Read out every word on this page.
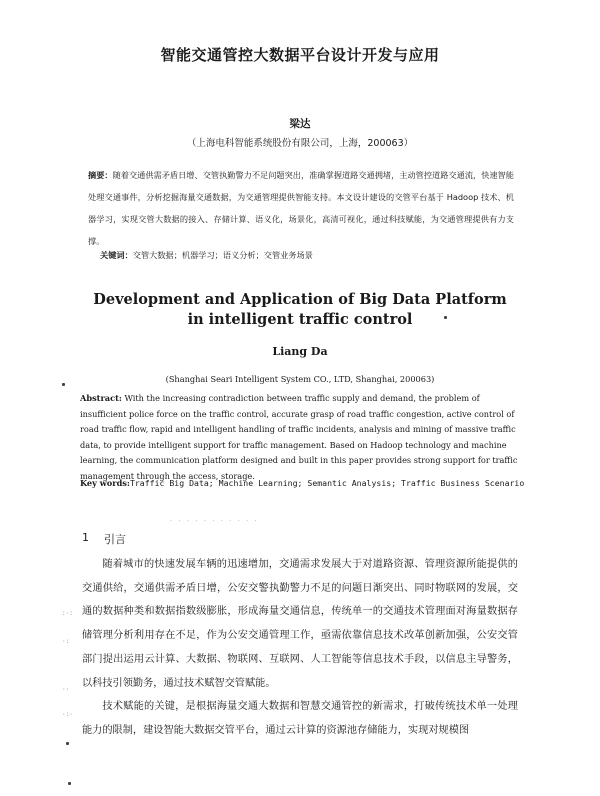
智能交通管控大数据平台设计开发与应用
梁达
（上海电科智能系统股份有限公司，上海，200063）
摘要：随着交通供需矛盾日增、交管执勤警力不足问题突出，准确掌握道路交通拥堵，主动管控道路交通流，快速智能处理交通事件，分析挖掘海量交通数据，为交通管理提供智能支持。本文设计建设的交管平台基于 Hadoop 技术、机器学习，实现交管大数据的接入、存储计算、语义化，场景化，高清可视化，通过科技赋能，为交通管理提供有力支撑。
关键词：交管大数据；机器学习；语义分析；交管业务场景
Development and Application of Big Data Platform
in intelligent traffic control
Liang Da
(Shanghai Seari Intelligent System CO., LTD, Shanghai, 200063)
Abstract: With the increasing contradiction between traffic supply and demand, the problem of insufficient police force on the traffic control, accurate grasp of road traffic congestion, active control of road traffic flow, rapid and intelligent handling of traffic incidents, analysis and mining of massive traffic data, to provide intelligent support for traffic management. Based on Hadoop technology and machine learning, the communication platform designed and built in this paper provides strong support for traffic management through the access, storage.
Key words:Traffic Big Data; Machine Learning; Semantic Analysis; Traffic Business Scenario
· · · · · · · · · · ·
1 引言

随着城市的快速发展车辆的迅速增加，交通需求发展大于对道路资源、管理资源所能提供的交通供给，交通供需矛盾日增，公安交警执勤警力不足的问题日渐突出、同时物联网的发展，交通的数据种类和数据指数级膨胀，形成海量交通信息，传统单一的交通技术管理面对海量数据存储管理分析利用存在不足，作为公安交通管理工作，亟需依靠信息技术改革创新加强，公安交管部门提出运用云计算、大数据、物联网、互联网、人工智能等信息技术手段，以信息主导警务，以科技引领勤务，通过技术赋智交管赋能。

技术赋能的关键，是根据海量交通大数据和智慧交通管控的新需求，打破传统技术单一处理能力的限制，建设智能大数据交管平台，通过云计算的资源池存储能力，实现对规模图

:·:
·:
··
·:·
